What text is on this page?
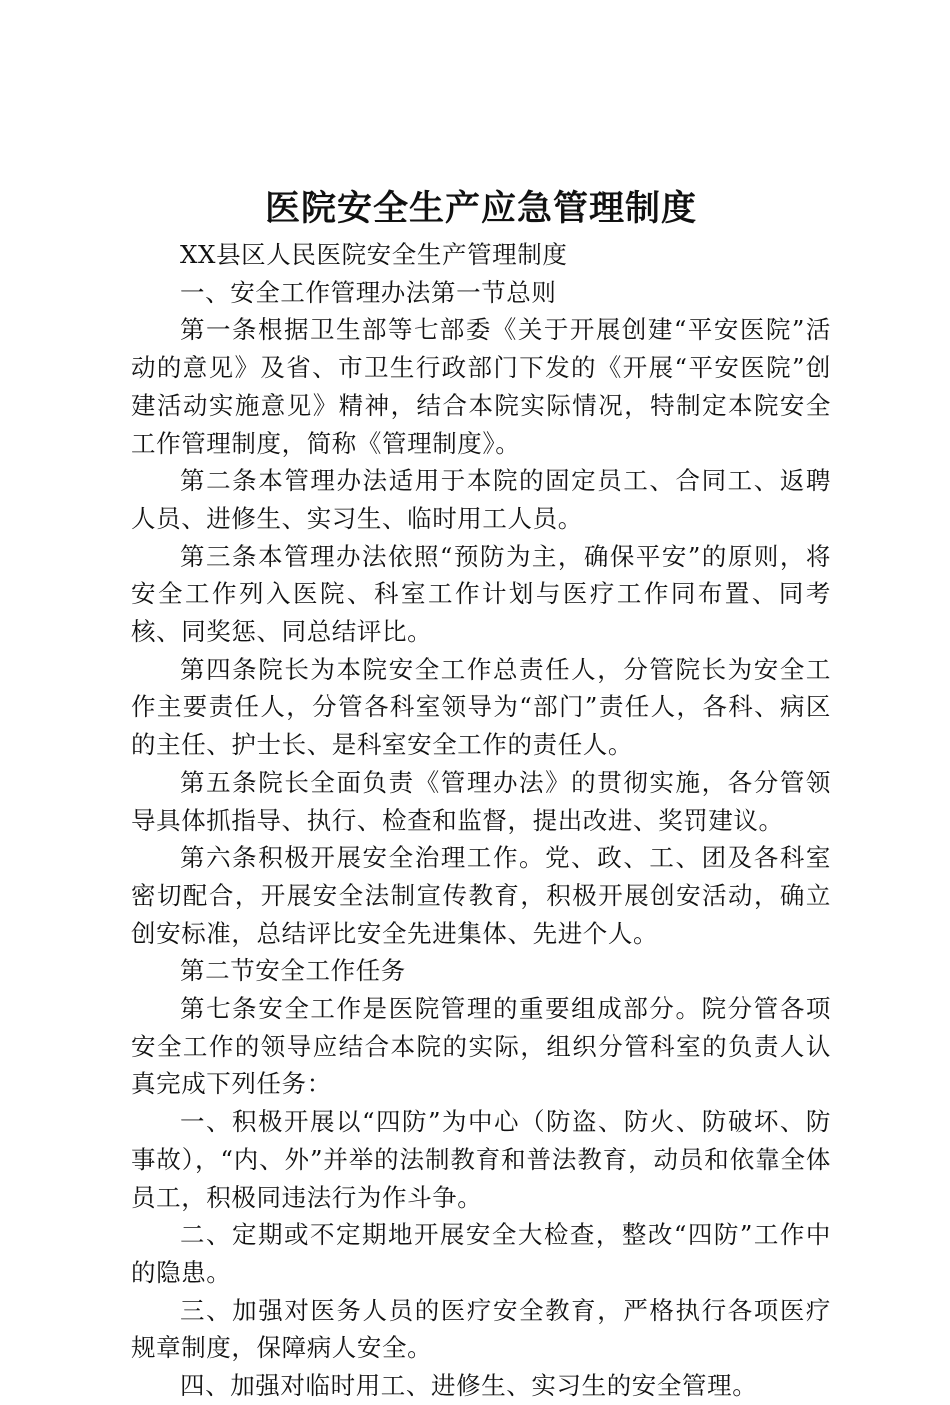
医院安全生产应急管理制度

XX县区人民医院安全生产管理制度

一、安全工作管理办法第一节总则

第一条根据卫生部等七部委《关于开展创建“平安医院”活动的意见》及省、市卫生行政部门下发的《开展“平安医院”创建活动实施意见》精神，结合本院实际情况，特制定本院安全工作管理制度，简称《管理制度》。

第二条本管理办法适用于本院的固定员工、合同工、返聘人员、进修生、实习生、临时用工人员。

第三条本管理办法依照“预防为主，确保平安”的原则，将安全工作列入医院、科室工作计划与医疗工作同布置、同考核、同奖惩、同总结评比。

第四条院长为本院安全工作总责任人，分管院长为安全工作主要责任人，分管各科室领导为“部门”责任人，各科、病区的主任、护士长、是科室安全工作的责任人。

第五条院长全面负责《管理办法》的贯彻实施，各分管领导具体抓指导、执行、检查和监督，提出改进、奖罚建议。

第六条积极开展安全治理工作。党、政、工、团及各科室密切配合，开展安全法制宣传教育，积极开展创安活动，确立创安标准，总结评比安全先进集体、先进个人。

第二节安全工作任务

第七条安全工作是医院管理的重要组成部分。院分管各项安全工作的领导应结合本院的实际，组织分管科室的负责人认真完成下列任务：

一、积极开展以“四防”为中心（防盗、防火、防破坏、防事故），“内、外”并举的法制教育和普法教育，动员和依靠全体员工，积极同违法行为作斗争。

二、定期或不定期地开展安全大检查，整改“四防”工作中的隐患。

三、加强对医务人员的医疗安全教育，严格执行各项医疗规章制度，保障病人安全。

四、加强对临时用工、进修生、实习生的安全管理。
